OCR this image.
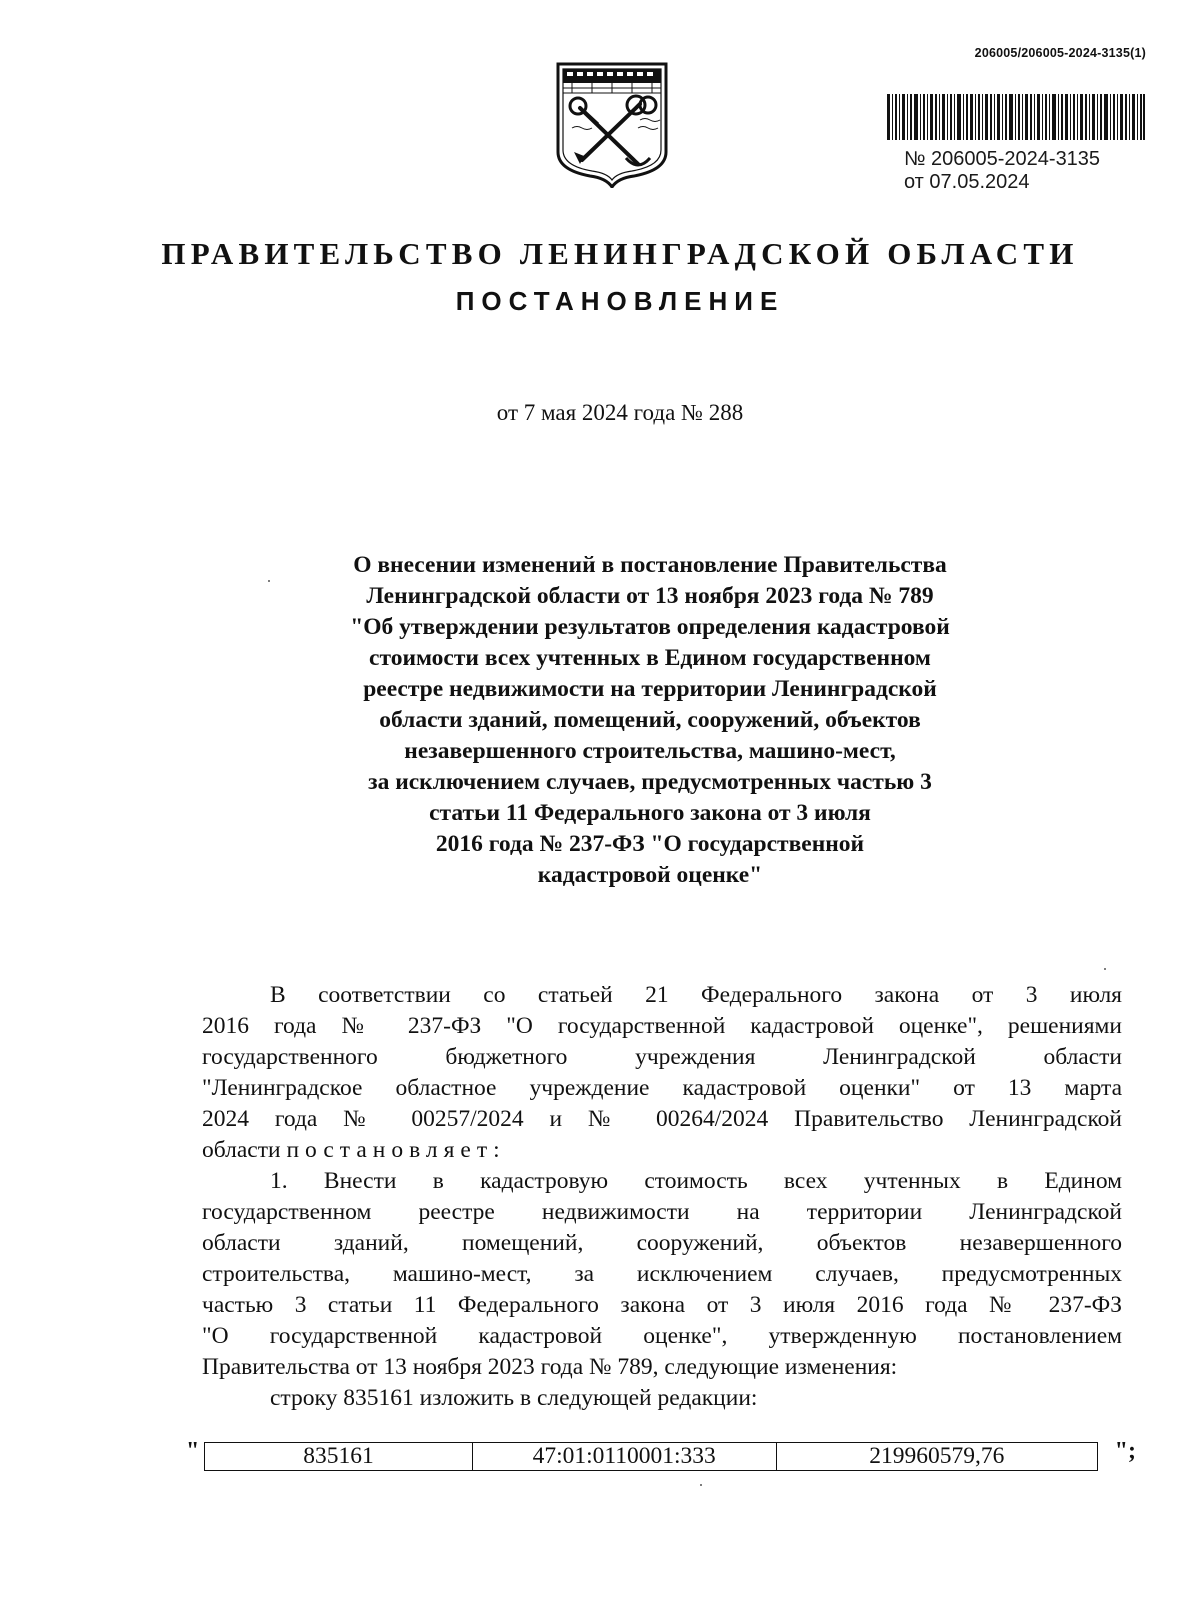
206005/206005-2024-3135(1)
№ 206005-2024-3135
от 07.05.2024
ПРАВИТЕЛЬСТВО ЛЕНИНГРАДСКОЙ ОБЛАСТИ
ПОСТАНОВЛЕНИЕ
от 7 мая 2024 года № 288
О внесении изменений в постановление Правительства
Ленинградской области от 13 ноября 2023 года № 789
"Об утверждении результатов определения кадастровой
стоимости всех учтенных в Едином государственном
реестре недвижимости на территории Ленинградской
области зданий, помещений, сооружений, объектов
незавершенного строительства, машино-мест,
за исключением случаев, предусмотренных частью 3
статьи 11 Федерального закона от 3 июля
2016 года № 237-ФЗ "О государственной
кадастровой оценке"
В соответствии со статьей 21 Федерального закона от 3 июля
2016 года № 237-ФЗ "О государственной кадастровой оценке", решениями
государственного бюджетного учреждения Ленинградской области
"Ленинградское областное учреждение кадастровой оценки" от 13 марта
2024 года № 00257/2024 и № 00264/2024 Правительство Ленинградской
области постановляет:
1. Внести в кадастровую стоимость всех учтенных в Едином
государственном реестре недвижимости на территории Ленинградской
области зданий, помещений, сооружений, объектов незавершенного
строительства, машино-мест, за исключением случаев, предусмотренных
частью 3 статьи 11 Федерального закона от 3 июля 2016 года № 237-ФЗ
"О государственной кадастровой оценке", утвержденную постановлением
Правительства от 13 ноября 2023 года № 789, следующие изменения:
строку 835161 изложить в следующей редакции:
"	835161	47:01:0110001:333	219960579,76	";
